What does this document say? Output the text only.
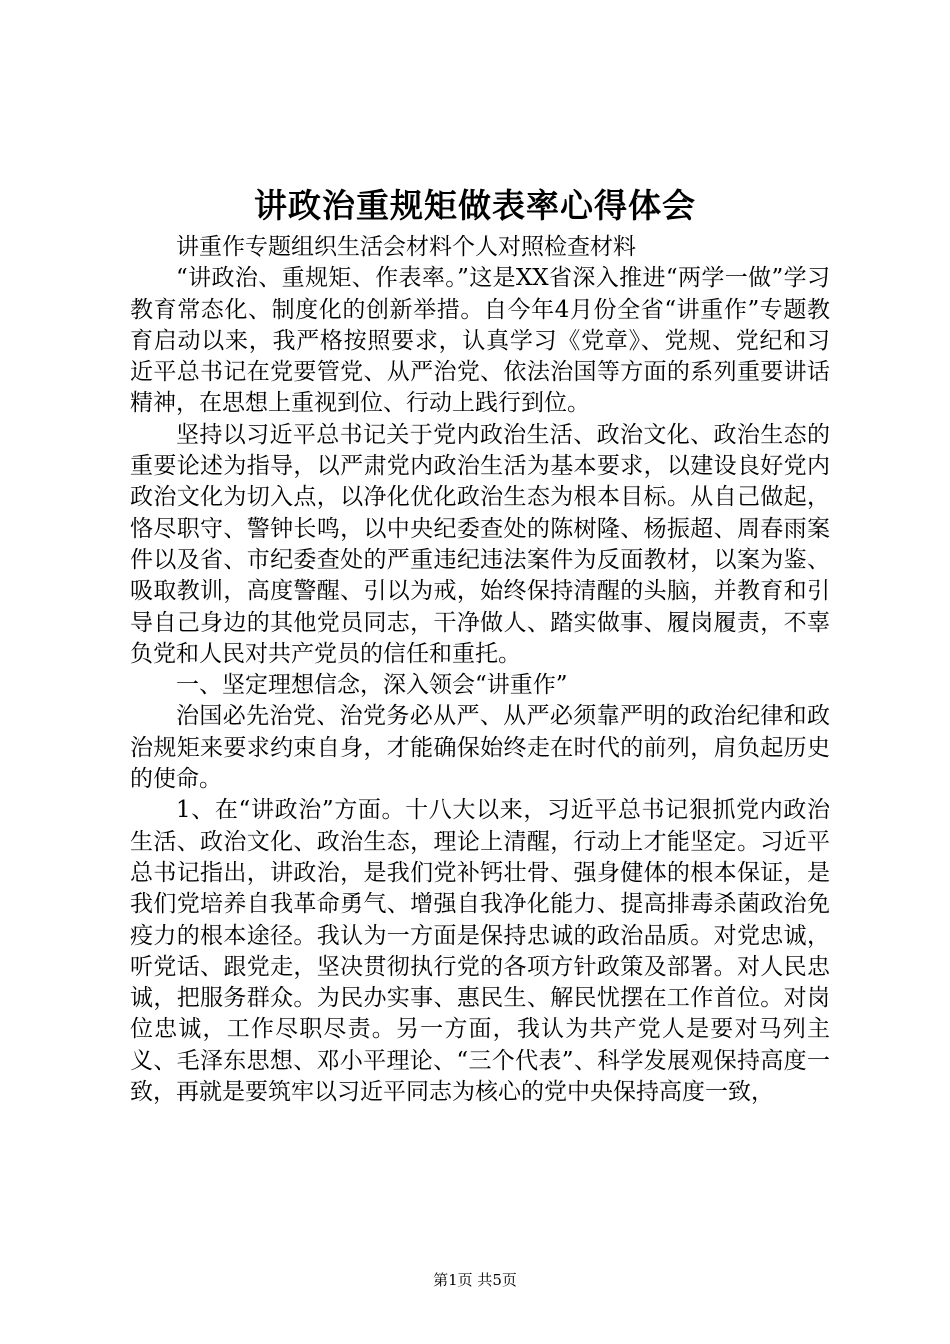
讲政治重规矩做表率心得体会

讲重作专题组织生活会材料个人对照检查材料

“讲政治、重规矩、作表率。”这是XX省深入推进“两学一做”学习教育常态化、制度化的创新举措。自今年4月份全省“讲重作”专题教育启动以来，我严格按照要求，认真学习《党章》、党规、党纪和习近平总书记在党要管党、从严治党、依法治国等方面的系列重要讲话精神，在思想上重视到位、行动上践行到位。

坚持以习近平总书记关于党内政治生活、政治文化、政治生态的重要论述为指导，以严肃党内政治生活为基本要求，以建设良好党内政治文化为切入点，以净化优化政治生态为根本目标。从自己做起，恪尽职守、警钟长鸣，以中央纪委查处的陈树隆、杨振超、周春雨案件以及省、市纪委查处的严重违纪违法案件为反面教材，以案为鉴、吸取教训，高度警醒、引以为戒，始终保持清醒的头脑，并教育和引导自己身边的其他党员同志，干净做人、踏实做事、履岗履责，不辜负党和人民对共产党员的信任和重托。

一、坚定理想信念，深入领会“讲重作”

治国必先治党、治党务必从严、从严必须靠严明的政治纪律和政治规矩来要求约束自身，才能确保始终走在时代的前列，肩负起历史的使命。

1、在“讲政治”方面。十八大以来，习近平总书记狠抓党内政治生活、政治文化、政治生态，理论上清醒，行动上才能坚定。习近平总书记指出，讲政治，是我们党补钙壮骨、强身健体的根本保证，是我们党培养自我革命勇气、增强自我净化能力、提高排毒杀菌政治免疫力的根本途径。我认为一方面是保持忠诚的政治品质。对党忠诚，听党话、跟党走，坚决贯彻执行党的各项方针政策及部署。对人民忠诚，把服务群众。为民办实事、惠民生、解民忧摆在工作首位。对岗位忠诚，工作尽职尽责。另一方面，我认为共产党人是要对马列主义、毛泽东思想、邓小平理论、“三个代表”、科学发展观保持高度一致，再就是要筑牢以习近平同志为核心的党中央保持高度一致，

第1页 共5页
